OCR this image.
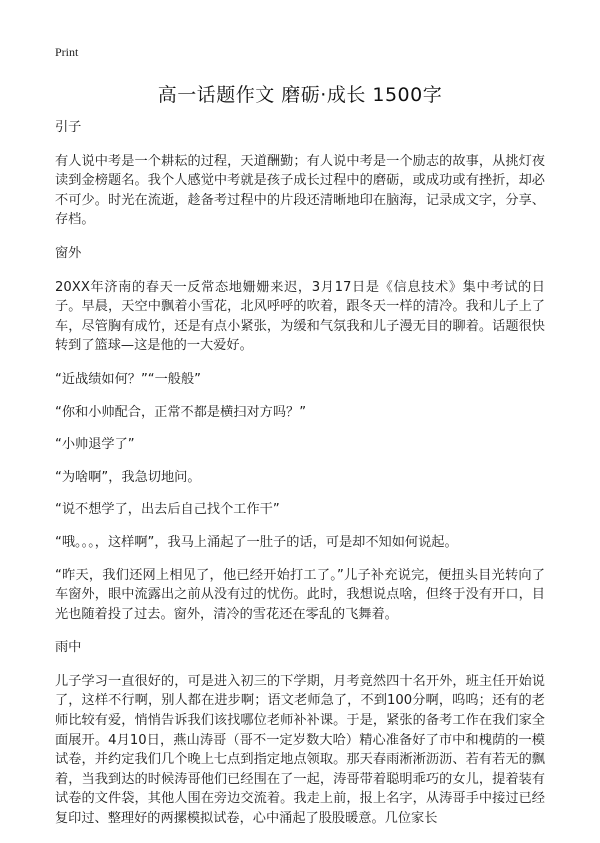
Print
高一话题作文 磨砺·成长 1500字
引子

有人说中考是一个耕耘的过程，天道酬勤；有人说中考是一个励志的故事，从挑灯夜读到金榜题名。我个人感觉中考就是孩子成长过程中的磨砺，或成功或有挫折，却必不可少。时光在流逝，趁备考过程中的片段还清晰地印在脑海，记录成文字，分享、存档。

窗外

20XX年济南的春天一反常态地姗姗来迟，3月17日是《信息技术》集中考试的日子。早晨，天空中飘着小雪花，北风呼呼的吹着，跟冬天一样的清冷。我和儿子上了车，尽管胸有成竹，还是有点小紧张，为缓和气氛我和儿子漫无目的聊着。话题很快转到了篮球—这是他的一大爱好。

“近战绩如何？”“一般般”

“你和小帅配合，正常不都是横扫对方吗？”

“小帅退学了”

“为啥啊”，我急切地问。

“说不想学了，出去后自己找个工作干”

“哦。。。，这样啊”，我马上涌起了一肚子的话，可是却不知如何说起。

“昨天，我们还网上相见了，他已经开始打工了。”儿子补充说完，便扭头目光转向了车窗外，眼中流露出之前从没有过的忧伤。此时，我想说点啥，但终于没有开口，目光也随着投了过去。窗外，清冷的雪花还在零乱的飞舞着。

雨中

儿子学习一直很好的，可是进入初三的下学期，月考竟然四十名开外，班主任开始说了，这样不行啊，别人都在进步啊；语文老师急了，不到100分啊，呜呜；还有的老师比较有爱，悄悄告诉我们该找哪位老师补补课。于是，紧张的备考工作在我们家全面展开。4月10日，燕山涛哥（哥不一定岁数大哈）精心准备好了市中和槐荫的一模试卷，并约定我们几个晚上七点到指定地点领取。那天春雨淅淅沥沥、若有若无的飘着，当我到达的时候涛哥他们已经围在了一起，涛哥带着聪明乖巧的女儿，提着装有试卷的文件袋，其他人围在旁边交流着。我走上前，报上名字，从涛哥手中接过已经复印过、整理好的两摞模拟试卷，心中涌起了股股暖意。几位家长
